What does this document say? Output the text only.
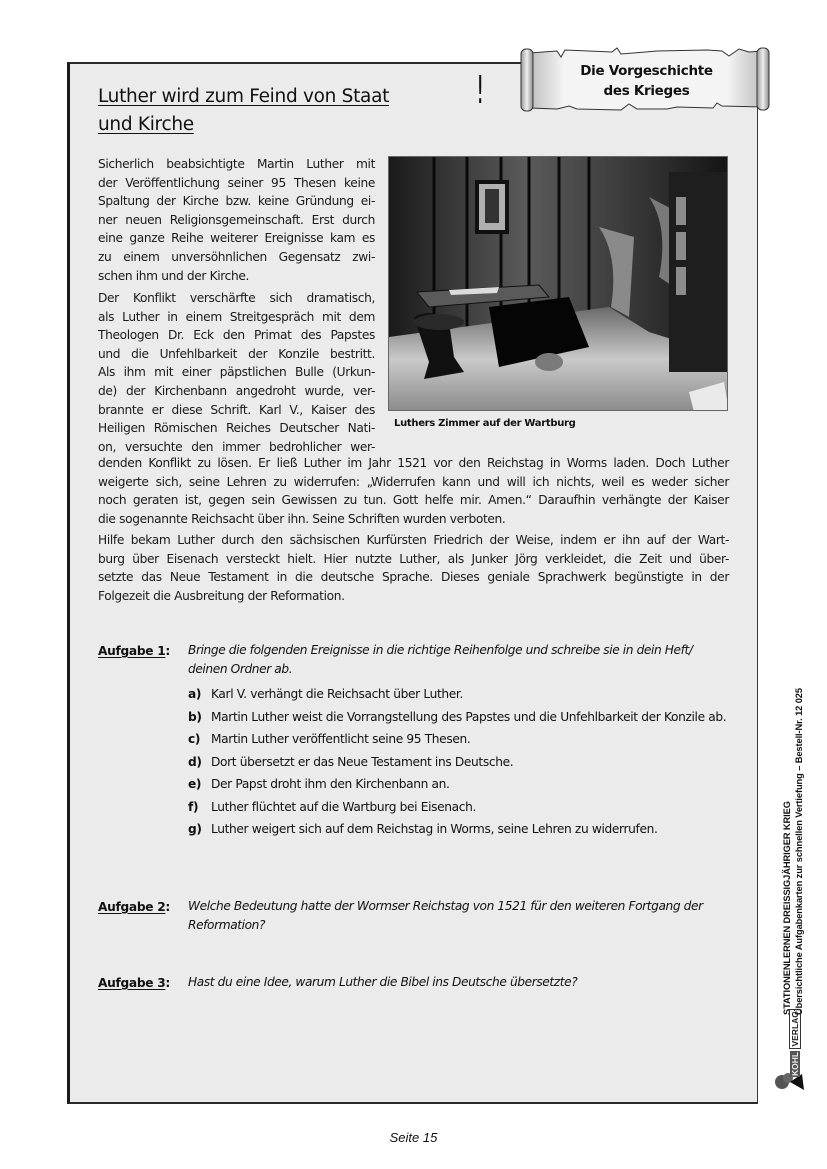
Luther wird zum Feind von Staat und Kirche
!	Die Vorgeschichte
des Krieges
Sicherlich beabsichtigte Martin Luther mit
der Veröffentlichung seiner 95 Thesen keine
Spaltung der Kirche bzw. keine Gründung ei-
ner neuen Religionsgemeinschaft. Erst durch
eine ganze Reihe weiterer Ereignisse kam es
zu einem unversöhnlichen Gegensatz zwi-
schen ihm und der Kirche.
Der Konflikt verschärfte sich dramatisch,
als Luther in einem Streitgespräch mit dem
Theologen Dr. Eck den Primat des Papstes
und die Unfehlbarkeit der Konzile bestritt.
Als ihm mit einer päpstlichen Bulle (Urkun-
de) der Kirchenbann angedroht wurde, ver-
brannte er diese Schrift. Karl V., Kaiser des
Heiligen Römischen Reiches Deutscher Nati-
on, versuchte den immer bedrohlicher wer-
Luthers Zimmer auf der Wartburg
denden Konflikt zu lösen. Er ließ Luther im Jahr 1521 vor den Reichstag in Worms laden. Doch Luther
weigerte sich, seine Lehren zu widerrufen: „Widerrufen kann und will ich nichts, weil es weder sicher
noch geraten ist, gegen sein Gewissen zu tun. Gott helfe mir. Amen.“ Daraufhin verhängte der Kaiser
die sogenannte Reichsacht über ihn. Seine Schriften wurden verboten.
Hilfe bekam Luther durch den sächsischen Kurfürsten Friedrich der Weise, indem er ihn auf der Wart-
burg über Eisenach versteckt hielt. Hier nutzte Luther, als Junker Jörg verkleidet, die Zeit und über-
setzte das Neue Testament in die deutsche Sprache. Dieses geniale Sprachwerk begünstigte in der
Folgezeit die Ausbreitung der Reformation.
Aufgabe 1: Bringe die folgenden Ereignisse in die richtige Reihenfolge und schreibe sie in dein Heft/ deinen Ordner ab.
a) Karl V. verhängt die Reichsacht über Luther.
b) Martin Luther weist die Vorrangstellung des Papstes und die Unfehlbarkeit der Konzile ab.
c) Martin Luther veröffentlicht seine 95 Thesen.
d) Dort übersetzt er das Neue Testament ins Deutsche.
e) Der Papst droht ihm den Kirchenbann an.
f)	Luther flüchtet auf die Wartburg bei Eisenach.
g) Luther weigert sich auf dem Reichstag in Worms, seine Lehren zu widerrufen.
Aufgabe 2: Welche Bedeutung hatte der Wormser Reichstag von 1521 für den weiteren Fortgang der Reformation?
Aufgabe 3: Hast du eine Idee, warum Luther die Bibel ins Deutsche übersetzte?	STATIONENLERNEN DREISSIGJÄHRIGER KRIEG Übersichtliche Aufgabenkarten zur schnellen Vertiefung – Bestell-Nr. 12 025
KOHL VERLAG
Seite 15
